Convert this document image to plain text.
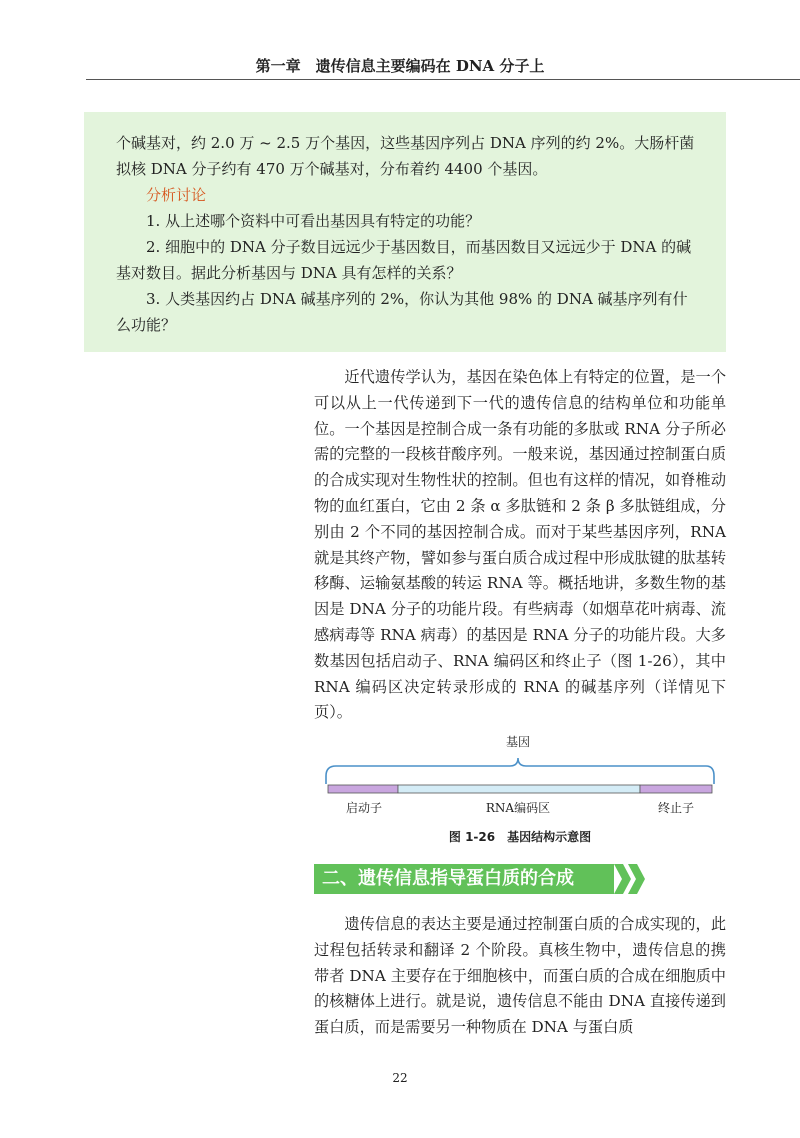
第一章　遗传信息主要编码在 DNA 分子上

个碱基对，约 2.0 万 ~ 2.5 万个基因，这些基因序列占 DNA 序列的约 2%。大肠杆菌拟核 DNA 分子约有 470 万个碱基对，分布着约 4400 个基因。

分析讨论

1. 从上述哪个资料中可看出基因具有特定的功能？

2. 细胞中的 DNA 分子数目远远少于基因数目，而基因数目又远远少于 DNA 的碱基对数目。据此分析基因与 DNA 具有怎样的关系？

3. 人类基因约占 DNA 碱基序列的 2%，你认为其他 98% 的 DNA 碱基序列有什么功能？

近代遗传学认为，基因在染色体上有特定的位置，是一个可以从上一代传递到下一代的遗传信息的结构单位和功能单位。一个基因是控制合成一条有功能的多肽或 RNA 分子所必需的完整的一段核苷酸序列。一般来说，基因通过控制蛋白质的合成实现对生物性状的控制。但也有这样的情况，如脊椎动物的血红蛋白，它由 2 条 α 多肽链和 2 条 β 多肽链组成，分别由 2 个不同的基因控制合成。而对于某些基因序列，RNA 就是其终产物，譬如参与蛋白质合成过程中形成肽键的肽基转移酶、运输氨基酸的转运 RNA 等。概括地讲，多数生物的基因是 DNA 分子的功能片段。有些病毒（如烟草花叶病毒、流感病毒等 RNA 病毒）的基因是 RNA 分子的功能片段。大多数基因包括启动子、RNA 编码区和终止子（图 1-26），其中 RNA 编码区决定转录形成的 RNA 的碱基序列（详情见下页）。

基因
启动子	RNA编码区	终止子
图 1-26　基因结构示意图
二、遗传信息指导蛋白质的合成

遗传信息的表达主要是通过控制蛋白质的合成实现的，此过程包括转录和翻译 2 个阶段。真核生物中，遗传信息的携带者 DNA 主要存在于细胞核中，而蛋白质的合成在细胞质中的核糖体上进行。就是说，遗传信息不能由 DNA 直接传递到蛋白质，而是需要另一种物质在 DNA 与蛋白质

22
